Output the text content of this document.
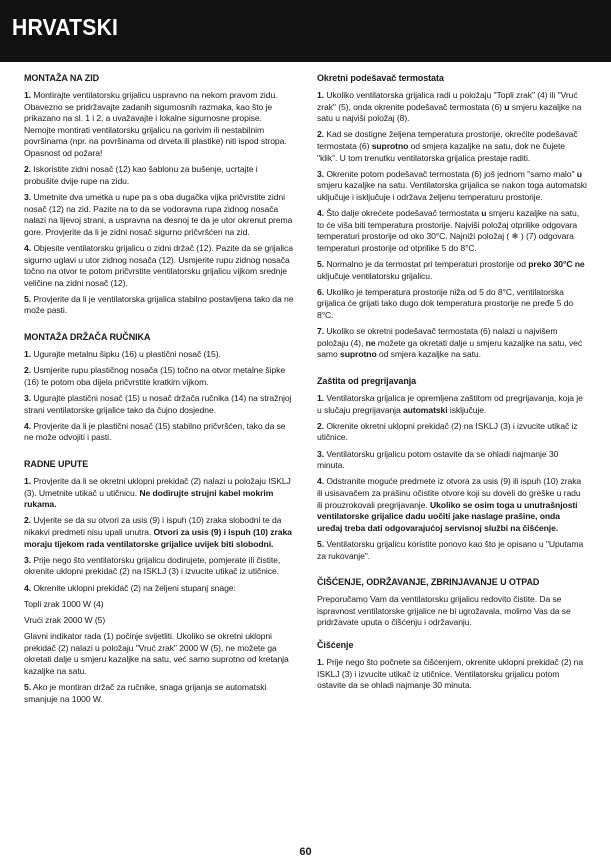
HRVATSKI
MONTAŽA NA ZID

1. Montirajte ventilatorsku grijalicu uspravno na nekom pravom zidu. Obavezno se pridržavajte zadanih sigurnosnih razmaka, kao što je prikazano na sl. 1 i 2, a uvažavajte i lokalne sigurnosne propise. Nemojte montirati ventilatorsku grijalicu na gorivim ili nestabilnim površinama (npr. na površinama od drveta ili plastike) niti ispod stropa. Opasnost od požara!

2. Iskoristite zidni nosač (12) kao šablonu za bušenje, ucrtajte i probušite dvije rupe na zidu.

3. Umetnite dva umetka u rupe pa s oba dugačka vijka pričvrstite zidni nosač (12) na zid. Pazite na to da se vodoravna rupa zidnog nosača nalazi na lijevoj strani, a uspravna na desnoj te da je utor okrenut prema gore. Provjerite da li je zidni nosač sigurno pričvršćen na zid.

4. Objesite ventilatorsku grijalicu o zidni držač (12). Pazite da se grijalica sigurno uglavi u utor zidnog nosača (12). Usmjerite rupu zidnog nosača točno na otvor te potom pričvrstite ventilatorsku grijalicu vijkom srednje veličine na zidni nosač (12).

5. Provjerite da li je ventilatorska grijalica stabilno postavljena tako da ne može pasti.

MONTAŽA DRŽAČA RUČNIKA

1. Ugurajte metalnu šipku (16) u plastični nosač (15).

2. Usmjerite rupu plastičnog nosača (15) točno na otvor metalne šipke (16) te potom oba dijela pričvrstite kratkim vijkom.

3. Ugurajte plastični nosač (15) u nosač držača ručnika (14) na stražnjoj strani ventilatorske grijalice tako da čujno dosjedne.

4. Provjerite da li je plastični nosač (15) stabilno pričvršćen, tako da se ne može odvojiti i pasti.

RADNE UPUTE

1. Provjerite da li se okretni uklopni prekidač (2) nalazi u položaju ISKLJ (3). Umetnite utikač u utičnicu. Ne dodirujte strujni kabel mokrim rukama.

2. Uvjerite se da su otvori za usis (9) i ispuh (10) zraka slobodni te da nikakvi predmeti nisu upali unutra. Otvori za usis (9) i ispuh (10) zraka moraju tijekom rada ventilatorske grijalice uvijek biti slobodni.

3. Prije nego što ventilatorsku grijalicu dodirujete, pomjerate ili čistite, okrenite uklopni prekidač (2) na ISKLJ (3) i izvucite utikač iz utičnice.

4. Okrenite uklopni prekidač (2) na željeni stupanj snage:

Topli zrak 1000 W (4)

Vrući zrak 2000 W (5)

Glavni indikator rada (1) počinje svijetliti. Ukoliko se okretni uklopni prekidač (2) nalazi u položaju "Vruć zrak" 2000 W (5), ne možete ga okretati dalje u smjeru kazaljke na satu, već samo suprotno od kretanja kazaljke na satu.

5. Ako je montiran držač za ručnike, snaga grijanja se automatski smanjuje na 1000 W.

Okretni podešavač termostata

1. Ukoliko ventilatorska grijalica radi u položaju "Topli zrak" (4) ili "Vruć zrak" (5), onda okrenite podešavač termostata (6) u smjeru kazaljke na satu u najviši položaj (8).

2. Kad se dostigne željena temperatura prostorije, okrećite podešavač termostata (6) suprotno od smjera kazaljke na satu, dok ne čujete "klik". U tom trenutku ventilatorska grijalica prestaje raditi.

3. Okrenite potom podešavač termostata (6) još jednom "samo malo" u smjeru kazaljke na satu. Ventilatorska grijalica se nakon toga automatski uključuje i isključuje i održava željenu temperaturu prostorije.

4. Što dalje okrećete podešavač termostata u smjeru kazaljke na satu, to će viša biti temperatura prostorije. Najviši položaj otprilike odgovara temperaturi prostorije od oko 30°C. Najniži položaj ( ❄ ) (7) odgovara temperaturi prostorije od otprilike 5 do 8°C.

5. Normalno je da termostat pri temperaturi prostorije od preko 30°C ne uključuje ventilatorsku grijalicu.

6. Ukoliko je temperatura prostorije niža od 5 do 8°C, ventilatorska grijalica će grijati tako dugo dok temperatura prostorije ne pređe 5 do 8°C.

7. Ukoliko se okretni podešavač termostata (6) nalazi u najvišem položaju (4), ne možete ga okretati dalje u smjeru kazaljke na satu, već samo suprotno od smjera kazaljke na satu.

Zaštita od pregrijavanja

1. Ventilatorska grijalica je opremljena zaštitom od pregrijavanja, koja je u slučaju pregrijavanja automatski isključuje.

2. Okrenite okretni uklopni prekidač (2) na ISKLJ (3) i izvucite utikač iz utičnice.

3. Ventilatorsku grijalicu potom ostavite da se ohladi najmanje 30 minuta.

4. Odstranite moguće predmete iz otvora za usis (9) ili ispuh (10) zraka ili usisavačem za prašinu očistite otvore koji su doveli do greške u radu ili prouzrokovali pregrijavanje. Ukoliko se osim toga u unutrašnjosti ventilatorske grijalice dadu uočiti jake naslage prašine, onda uređaj treba dati odgovarajućoj servisnoj službi na čišćenje.

5. Ventilatorsku grijalicu koristite ponovo kao što je opisano u "Uputama za rukovanje".

ČIŠĆENJE, ODRŽAVANJE, ZBRINJAVANJE U OTPAD

Preporučamo Vam da ventilatorsku grijalicu redovito čistite. Da se ispravnost ventilatorske grijalice ne bi ugrožavala, molimo Vas da se pridržavate uputa o čišćenju i održavanju.

Čišćenje

1. Prije nego što počnete sa čišćenjem, okrenite uklopni prekidač (2) na ISKLJ (3) i izvucite utikač iz utičnice. Ventilatorsku grijalicu potom ostavite da se ohladi najmanje 30 minuta.

60
